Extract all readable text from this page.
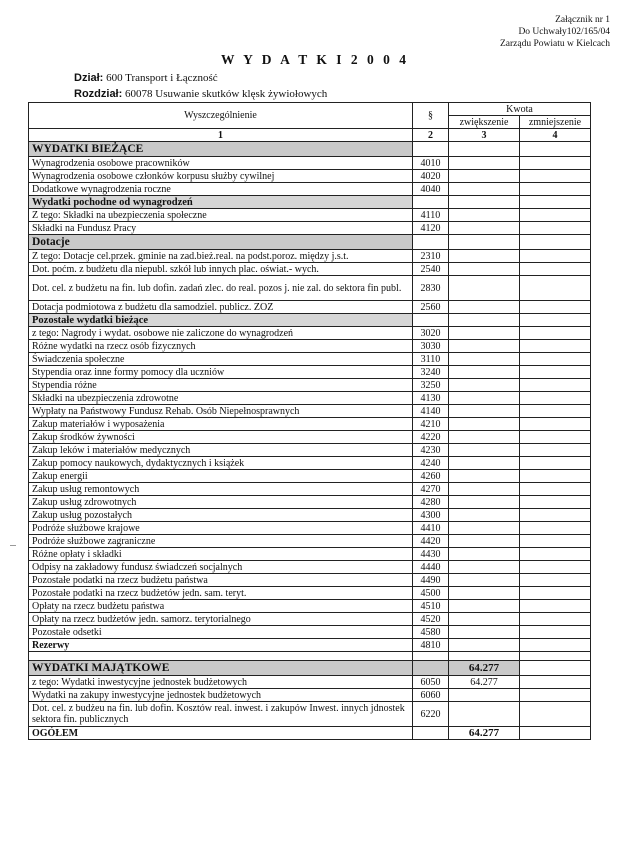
Załącznik nr 1
Do Uchwały102/165/04
Zarządu Powiatu w Kielcach
W Y D A T K I 2 0 0 4
Dział: 600 Transport i Łączność
Rozdział: 60078 Usuwanie skutków klęsk żywiołowych
Wyszczególnienie	§	Kwota	
		zwiększenie	zmniejszenie
1	2	3	4
WYDATKI BIEŻĄCE			
Wynagrodzenia osobowe pracowników	4010		
Wynagrodzenia osobowe członków korpusu służby cywilnej	4020		
Dodatkowe wynagrodzenia roczne	4040		
Wydatki pochodne od wynagrodzeń			
Z tego: Składki na ubezpieczenia społeczne	4110		
Składki na Fundusz Pracy	4120		
Dotacje			
Z tego: Dotacje cel.przek. gminie na zad.bież.real. na podst.poroz. między j.s.t.	2310		
Dot. poćm. z budżetu dla niepubl. szkół lub innych plac. oświat.- wych.	2540		
Dot. cel. z budżetu na fin. lub dofin. zadań zlec. do real. pozos j. nie zal. do sektora fin publ.	2830		
Dotacja podmiotowa z budżetu dla samodziel. publicz. ZOZ	2560		
Pozostałe wydatki bieżące			
z tego: Nagrody i wydat. osobowe nie zaliczone do wynagrodzeń	3020		
Różne wydatki na rzecz osób fizycznych	3030		
Świadczenia społeczne	3110		
Stypendia oraz inne formy pomocy dla uczniów	3240		
Stypendia różne	3250		
Składki na ubezpieczenia zdrowotne	4130		
Wypłaty na Państwowy Fundusz Rehab. Osób Niepełnosprawnych	4140		
Zakup materiałów i wyposażenia	4210		
Zakup środków żywności	4220		
Zakup leków i materiałów medycznych	4230		
Zakup pomocy naukowych, dydaktycznych i książek	4240		
Zakup energii	4260		
Zakup usług remontowych	4270		
Zakup usług zdrowotnych	4280		
Zakup usług pozostałych	4300		
Podróże służbowe krajowe	4410		
Podróże służbowe zagraniczne	4420		
Różne opłaty i składki	4430		
Odpisy na zakładowy fundusz świadczeń socjalnych	4440		
Pozostałe podatki na rzecz budżetu państwa	4490		
Pozostałe podatki na rzecz budżetów jedn. sam. teryt.	4500		
Opłaty na rzecz budżetu państwa	4510		
Opłaty na rzecz budżetów jedn. samorz. terytorialnego	4520		
Pozostałe odsetki	4580		
Rezerwy	4810		

WYDATKI MAJĄTKOWE		64.277	
z tego: Wydatki inwestycyjne jednostek budżetowych	6050	64.277	
Wydatki na zakupy inwestycyjne jednostek budżetowych	6060		
Dot. cel. z budżeu na fin. lub dofin. Kosztów real. inwest. i zakupów Inwest. innych jdnostek sektora fin. publicznych	6220		
OGÓŁEM		64.277	
